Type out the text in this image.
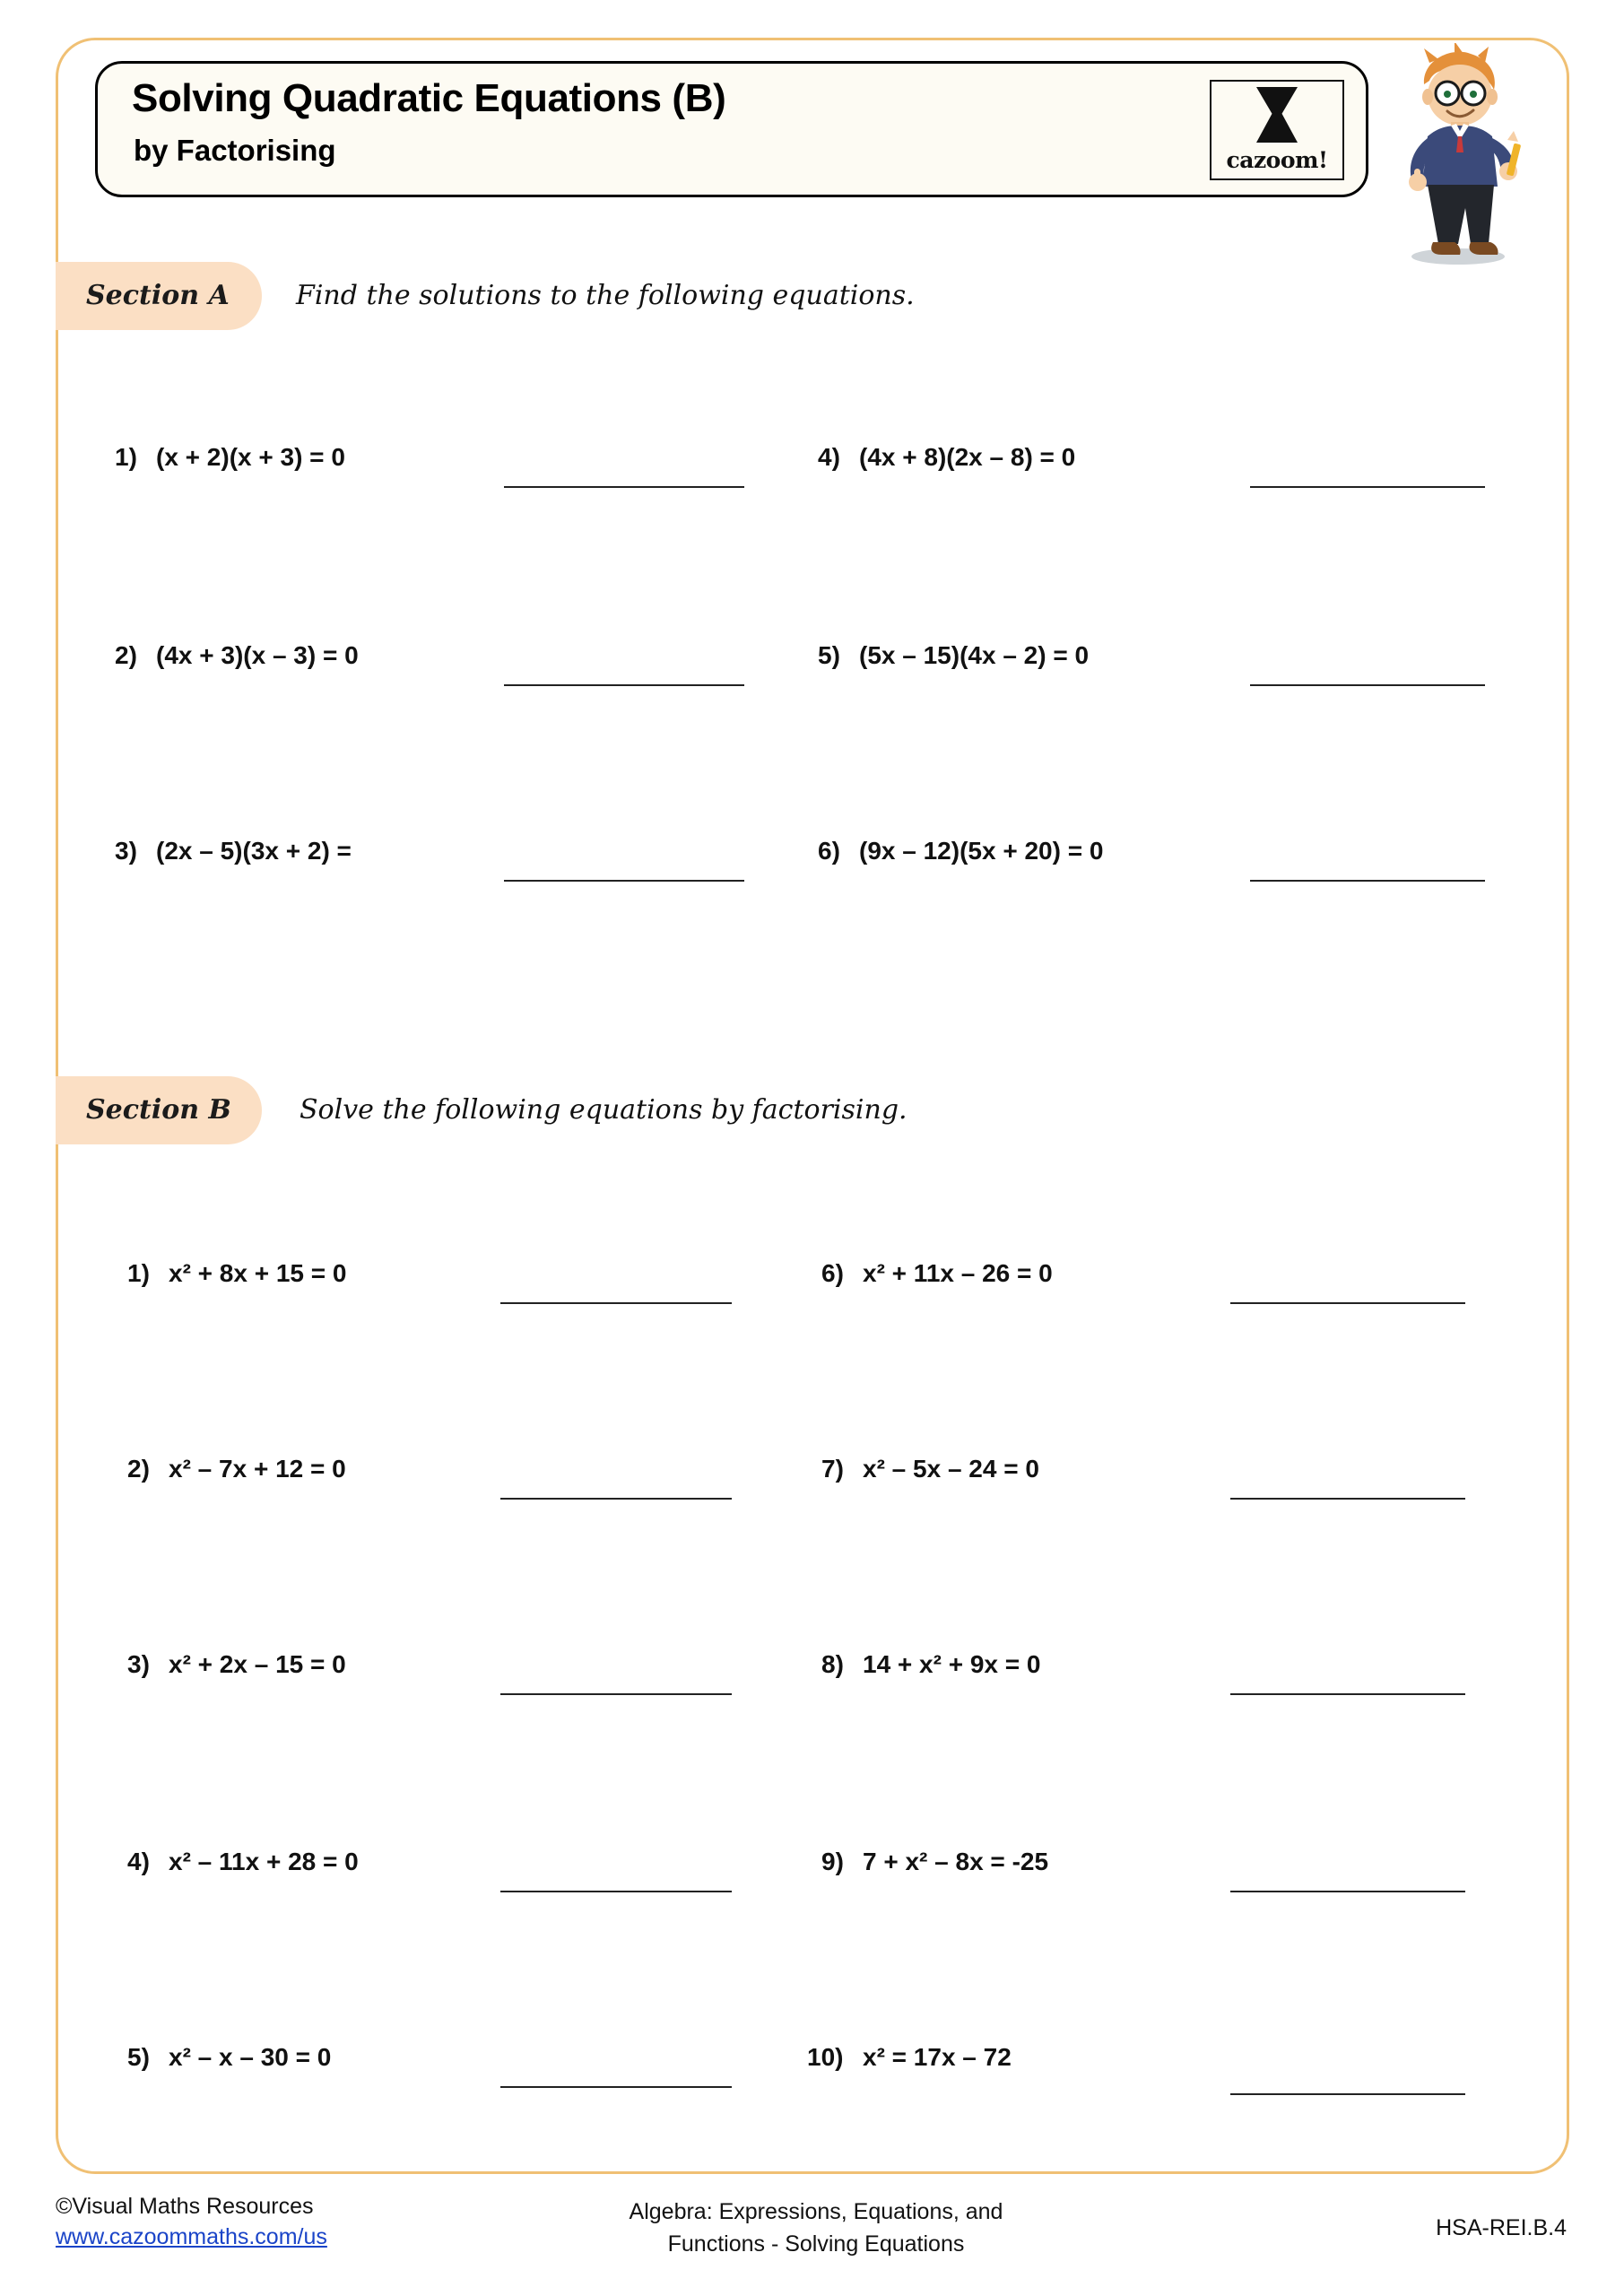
Solving Quadratic Equations (B)
by Factorising	cazoom!
Section A Find the solutions to the following equations.
1) (x + 2)(x + 3) = 0
2) (4x + 3)(x – 3) = 0
3) (2x – 5)(3x + 2) =
4) (4x + 8)(2x – 8) = 0
5) (5x – 15)(4x – 2) = 0
6) (9x – 12)(5x + 20) = 0
Section B	Solve the following equations by factorising.
1) x² + 8x + 15 = 0
2) x² – 7x + 12 = 0
3) x² + 2x – 15 = 0
4) x² – 11x + 28 = 0
5) x² – x – 30 = 0
6) x² + 11x – 26 = 0
7) x² – 5x – 24 = 0
8) 14 + x² + 9x = 0
9) 7 + x² – 8x = -25
10) x² = 17x – 72
©Visual Maths Resources
www.cazoommaths.com/us
Algebra: Expressions, Equations, and
Functions - Solving Equations
HSA-REI.B.4
